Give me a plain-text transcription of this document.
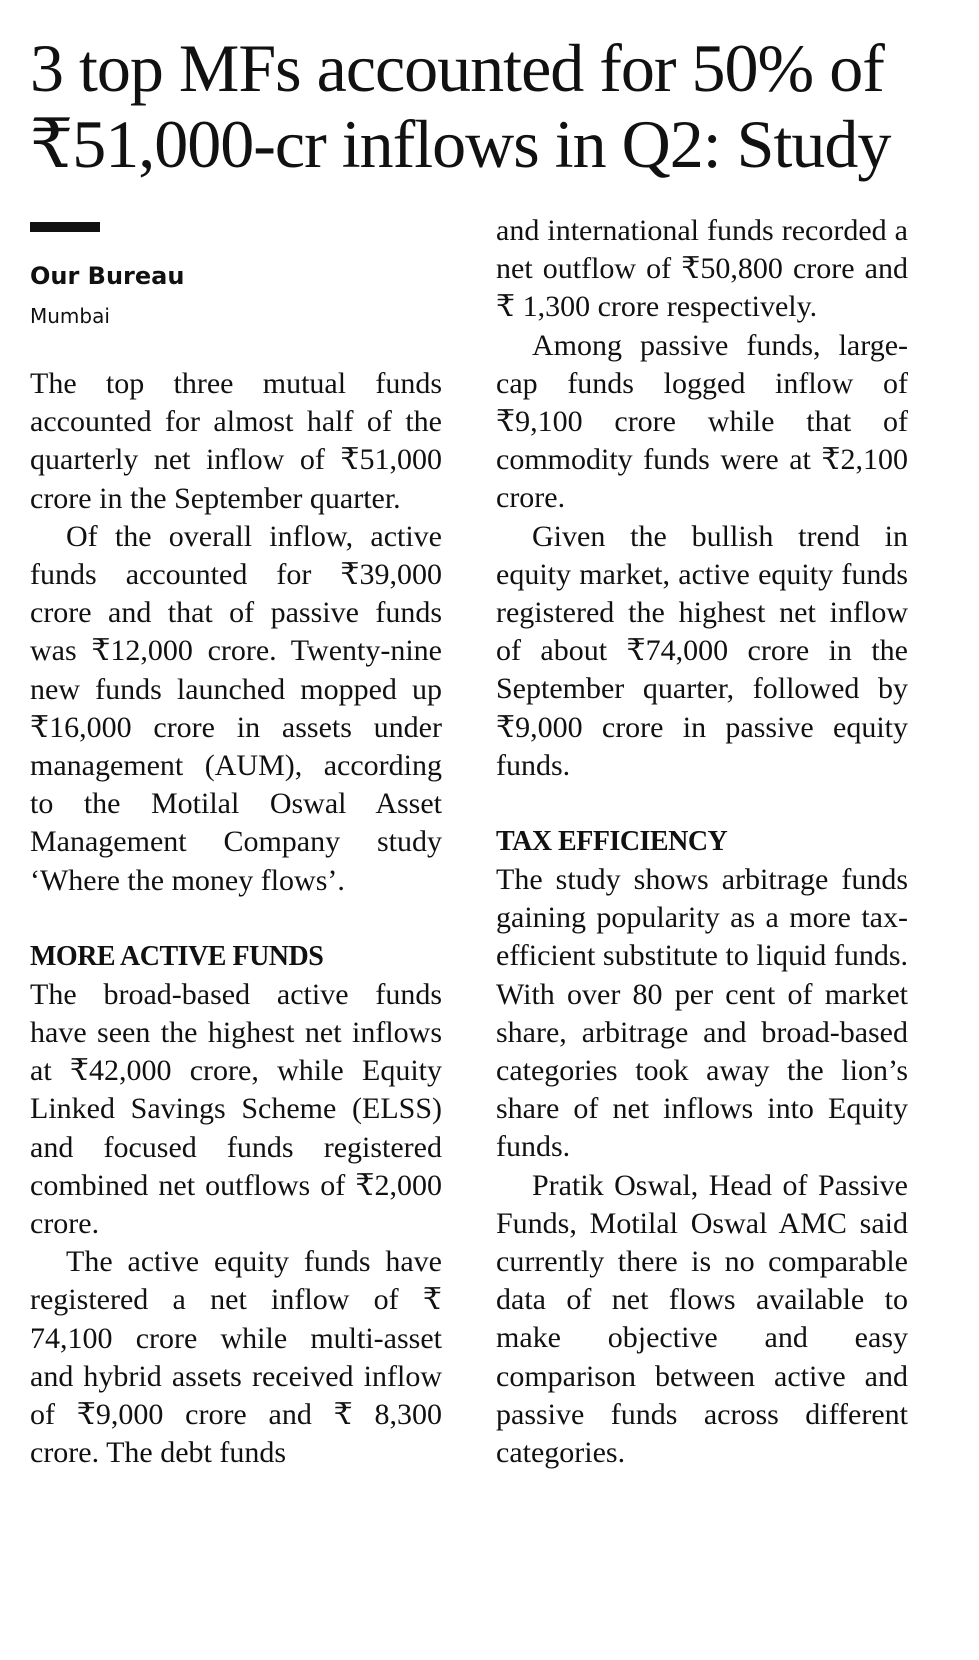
3 top MFs accounted for 50% of ₹51,000-cr inflows in Q2: Study
Our Bureau
Mumbai

The top three mutual funds accounted for almost half of the quarterly net inflow of ₹51,000 crore in the September quarter.

Of the overall inflow, active funds accounted for ₹39,000 crore and that of passive funds was ₹12,000 crore. Twenty-nine new funds launched mopped up ₹16,000 crore in assets under management (AUM), according to the Motilal Oswal Asset Management Company study ‘Where the money flows’.

MORE ACTIVE FUNDS

The broad-based active funds have seen the highest net inflows at ₹42,000 crore, while Equity Linked Savings Scheme (ELSS) and focused funds registered combined net outflows of ₹2,000 crore.

The active equity funds have registered a net inflow of ₹ 74,100 crore while multi-asset and hybrid assets received inflow of ₹9,000 crore and ₹ 8,300 crore. The debt funds

and international funds recorded a net outflow of ₹50,800 crore and ₹ 1,300 crore respectively.

Among passive funds, large-cap funds logged inflow of ₹9,100 crore while that of commodity funds were at ₹2,100 crore.

Given the bullish trend in equity market, active equity funds registered the highest net inflow of about ₹74,000 crore in the September quarter, followed by ₹9,000 crore in passive equity funds.

TAX EFFICIENCY

The study shows arbitrage funds gaining popularity as a more tax-efficient substitute to liquid funds. With over 80 per cent of market share, arbitrage and broad-based categories took away the lion’s share of net inflows into Equity funds.

Pratik Oswal, Head of Passive Funds, Motilal Oswal AMC said currently there is no comparable data of net flows available to make objective and easy comparison between active and passive funds across different categories.
